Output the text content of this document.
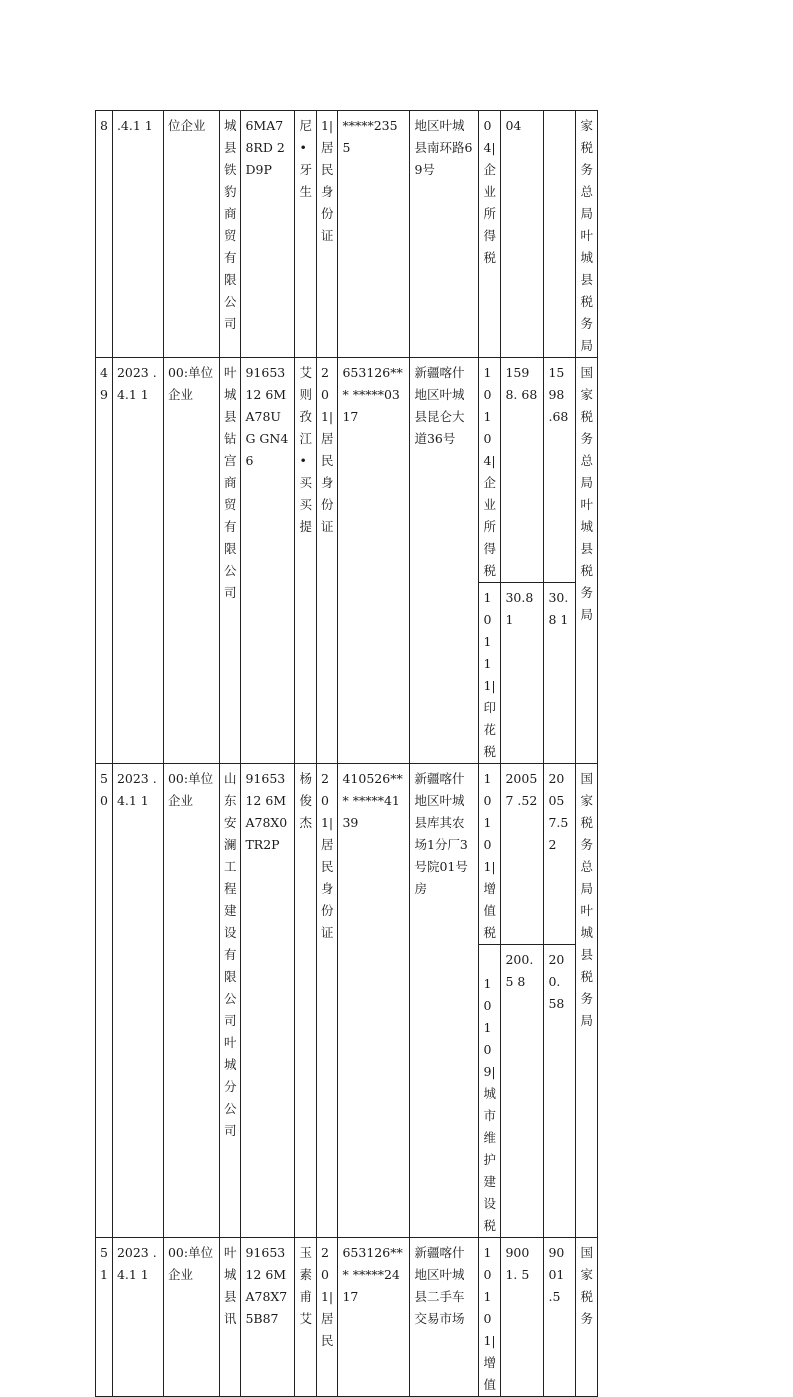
8	.4.1 1	位企业	城县铁豹商贸有限公司	6MA78RD 2D9P	尼•牙生	1|居民身份证	*****2355	地区叶城县南环路69号	04|企业所得税	04		家税务总局叶城县税务局
49	2023 .4.1 1	00:单位企业	叶城县钻宫商贸有限公司	9165312 6MA78UG GN46	艾则孜江•买买提	201|居民身份证	653126*** *****0317	新疆喀什地区叶城县昆仑大道36号	10104|企业所得税	1598. 68	1598 .68	国家税务总局叶城县税务局
									10111|印花税	30.81	30.8 1	
50	2023 .4.1 1	00:单位企业	山东安澜工程建设有限公司叶城分公司	9165312 6MA78X0 TR2P	杨俊杰	201|居民身份证	410526*** *****4139	新疆喀什地区叶城县库其农场1分厂3号院01号房	10101|增值税	20057 .52	2005 7.52	国家税务总局叶城县税务局
									10109|城市维护建设税	200.5 8	200. 58	
51	2023 .4.1 1	00:单位企业	叶城县讯	9165312 6MA78X7 5B87	玉素甫艾	201|居民	653126*** *****2417	新疆喀什地区叶城县二手车交易市场	10101|增值	9001. 5	9001 .5	国家税务
